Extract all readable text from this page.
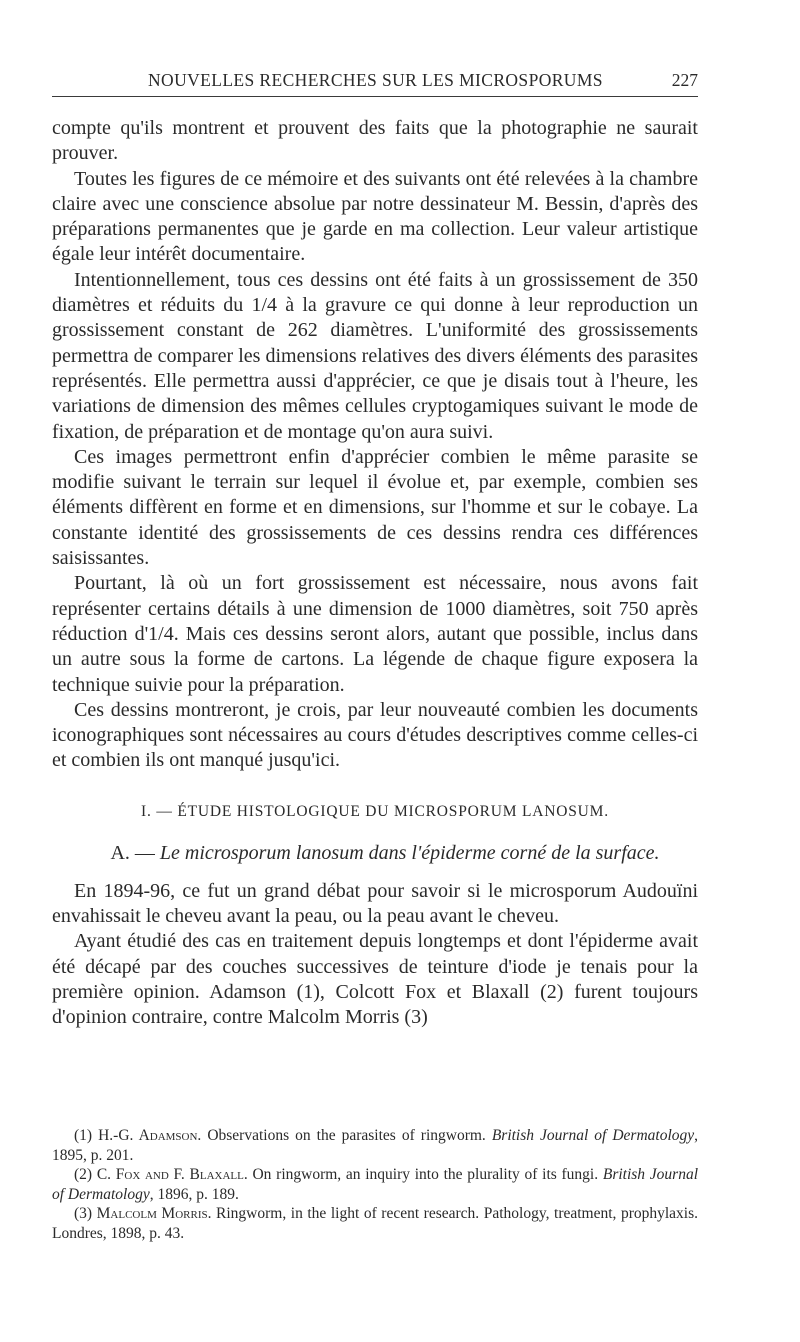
NOUVELLES RECHERCHES SUR LES MICROSPORUMS	227

compte qu'ils montrent et prouvent des faits que la photographie ne saurait prouver.

Toutes les figures de ce mémoire et des suivants ont été relevées à la chambre claire avec une conscience absolue par notre dessinateur M. Bessin, d'après des préparations permanentes que je garde en ma collection. Leur valeur artistique égale leur intérêt documentaire.

Intentionnellement, tous ces dessins ont été faits à un grossissement de 350 diamètres et réduits du 1/4 à la gravure ce qui donne à leur reproduction un grossissement constant de 262 diamètres. L'uniformité des grossissements permettra de comparer les dimensions relatives des divers éléments des parasites représentés. Elle permettra aussi d'apprécier, ce que je disais tout à l'heure, les variations de dimension des mêmes cellules cryptogamiques suivant le mode de fixation, de préparation et de montage qu'on aura suivi.

Ces images permettront enfin d'apprécier combien le même parasite se modifie suivant le terrain sur lequel il évolue et, par exemple, combien ses éléments diffèrent en forme et en dimensions, sur l'homme et sur le cobaye. La constante identité des grossissements de ces dessins rendra ces différences saisissantes.

Pourtant, là où un fort grossissement est nécessaire, nous avons fait représenter certains détails à une dimension de 1000 diamètres, soit 750 après réduction d'1/4. Mais ces dessins seront alors, autant que possible, inclus dans un autre sous la forme de cartons. La légende de chaque figure exposera la technique suivie pour la préparation.

Ces dessins montreront, je crois, par leur nouveauté combien les documents iconographiques sont nécessaires au cours d'études descriptives comme celles-ci et combien ils ont manqué jusqu'ici.

I. — ÉTUDE HISTOLOGIQUE DU MICROSPORUM LANOSUM.
A. — Le microsporum lanosum dans l'épiderme corné de la surface.

En 1894-96, ce fut un grand débat pour savoir si le microsporum Audouïni envahissait le cheveu avant la peau, ou la peau avant le cheveu.

Ayant étudié des cas en traitement depuis longtemps et dont l'épiderme avait été décapé par des couches successives de teinture d'iode je tenais pour la première opinion. Adamson (1), Colcott Fox et Blaxall (2) furent toujours d'opinion contraire, contre Malcolm Morris (3)

(1) H.-G. Adamson. Observations on the parasites of ringworm. British Journal of Dermatology, 1895, p. 201.

(2) C. Fox and F. Blaxall. On ringworm, an inquiry into the plurality of its fungi. British Journal of Dermatology, 1896, p. 189.

(3) Malcolm Morris. Ringworm, in the light of recent research. Pathology, treatment, prophylaxis. Londres, 1898, p. 43.
